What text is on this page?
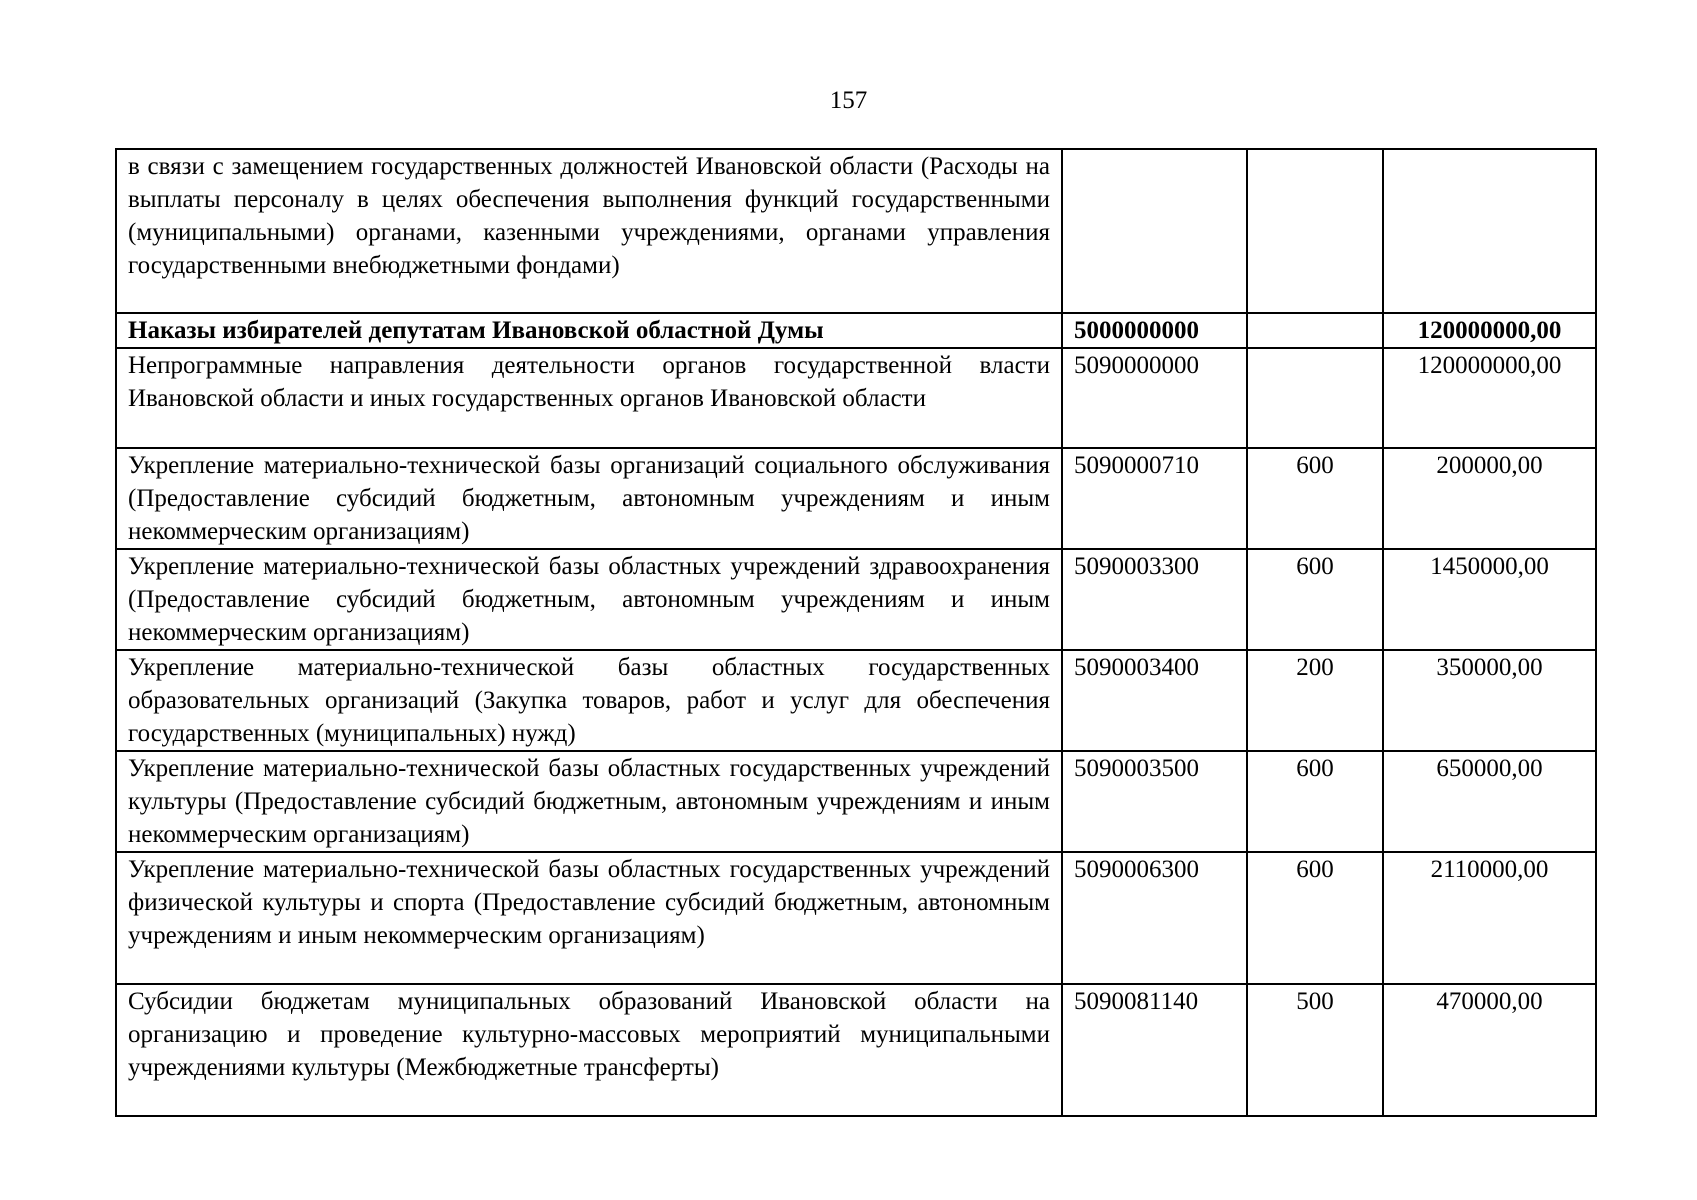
157
в связи с замещением государственных должностей Ивановской области (Расходы на выплаты персоналу в целях обеспечения выполнения функций государственными (муниципальными) органами, казенными учреждениями, органами управления государственными внебюджетными фондами)			
Наказы избирателей депутатам Ивановской областной Думы	5000000000		120000000,00
Непрограммные направления деятельности органов государственной власти Ивановской области и иных государственных органов Ивановской области	5090000000		120000000,00
Укрепление материально-технической базы организаций социального обслуживания (Предоставление субсидий бюджетным, автономным учреждениям и иным некоммерческим организациям)	5090000710	600	200000,00
Укрепление материально-технической базы областных учреждений здравоохранения (Предоставление субсидий бюджетным, автономным учреждениям и иным некоммерческим организациям)	5090003300	600	1450000,00
Укрепление материально-технической базы областных государственных образовательных организаций (Закупка товаров, работ и услуг для обеспечения государственных (муниципальных) нужд)	5090003400	200	350000,00
Укрепление материально-технической базы областных государственных учреждений культуры (Предоставление субсидий бюджетным, автономным учреждениям и иным некоммерческим организациям)	5090003500	600	650000,00
Укрепление материально-технической базы областных государственных учреждений физической культуры и спорта (Предоставление субсидий бюджетным, автономным учреждениям и иным некоммерческим организациям)	5090006300	600	2110000,00
Субсидии бюджетам муниципальных образований Ивановской области на организацию и проведение культурно-массовых мероприятий муниципальными учреждениями культуры (Межбюджетные трансферты)	5090081140	500	470000,00
